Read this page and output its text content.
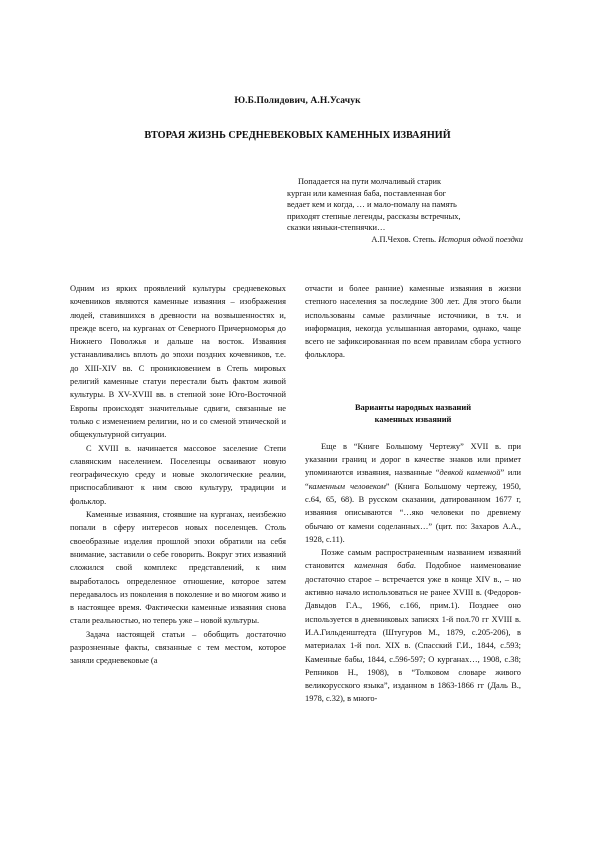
Ю.Б.Полидович, А.Н.Усачук
ВТОРАЯ ЖИЗНЬ СРЕДНЕВЕКОВЫХ КАМЕННЫХ ИЗВАЯНИЙ
Попадается на пути молчаливый старик
курган или каменная баба, поставленная бог
ведает кем и когда, … и мало-помалу на память
приходят степные легенды, рассказы встречных,
сказки няньки-степнячки…
А.П.Чехов. Степь. История одной поездки

Одним из ярких проявлений культуры средневековых кочевников являются каменные изваяния – изображения людей, ставившихся в древности на возвышенностях и, прежде всего, на курганах от Северного Причерноморья до Нижнего Поволжья и дальше на восток. Изваяния устанавливались вплоть до эпохи поздних кочевников, т.е. до XIII-XIV вв. С проникновением в Степь мировых религий каменные статуи перестали быть фактом живой культуры. В XV-XVIII вв. в степной зоне Юго-Восточной Европы происходят значительные сдвиги, связанные не только с изменением религии, но и со сменой этнической и общекультурной ситуации.

С XVIII в. начинается массовое заселение Степи славянским населением. Поселенцы осваивают новую географическую среду и новые экологические реалии, приспосабливают к ним свою культуру, традиции и фольклор.

Каменные изваяния, стоявшие на курганах, неизбежно попали в сферу интересов новых поселенцев. Столь своеобразные изделия прошлой эпохи обратили на себя внимание, заставили о себе говорить. Вокруг этих изваяний сложился свой комплекс представлений, к ним выработалось определенное отношение, которое затем передавалось из поколения в поколение и во многом живо и в настоящее время. Фактически каменные изваяния снова стали реальностью, но теперь уже – новой культуры.

Задача настоящей статьи – обобщить достаточно разрозненные факты, связанные с тем местом, которое заняли средневековые (а

отчасти и более ранние) каменные изваяния в жизни степного населения за последние 300 лет. Для этого были использованы самые различные источники, в т.ч. и информация, некогда услышанная авторами, однако, чаще всего не зафиксированная по всем правилам сбора устного фольклора.

Варианты народных названий
каменных изваяний

Еще в “Книге Большому Чертежу” XVII в. при указании границ и дорог в качестве знаков или примет упоминаются изваяния, названные “девкой каменной” или “каменным человеком” (Книга Большому чертежу, 1950, с.64, 65, 68). В русском сказании, датированном 1677 г, изваяния описываются “…яко человеки по древнему обычаю от камени соделанных…” (цит. по: Захаров А.А., 1928, с.11).

Позже самым распространенным названием изваяний становится каменная баба. Подобное наименование достаточно старое – встречается уже в конце XIV в., – но активно начало использоваться не ранее XVIII в. (Федоров-Давыдов Г.А., 1966, с.166, прим.1). Позднее оно используется в дневниковых записях 1-й пол.70 гг XVIII в. И.А.Гильденштедта (Штугуров М., 1879, с.205-206), в материалах 1-й пол. XIX в. (Спасский Г.И., 1844, с.593; Каменные бабы, 1844, с.596-597; О курганах…, 1908, с.38; Репников Н., 1908), в “Толковом словаре живого великорусского языка”, изданном в 1863-1866 гг (Даль В., 1978, с.32), в много-
